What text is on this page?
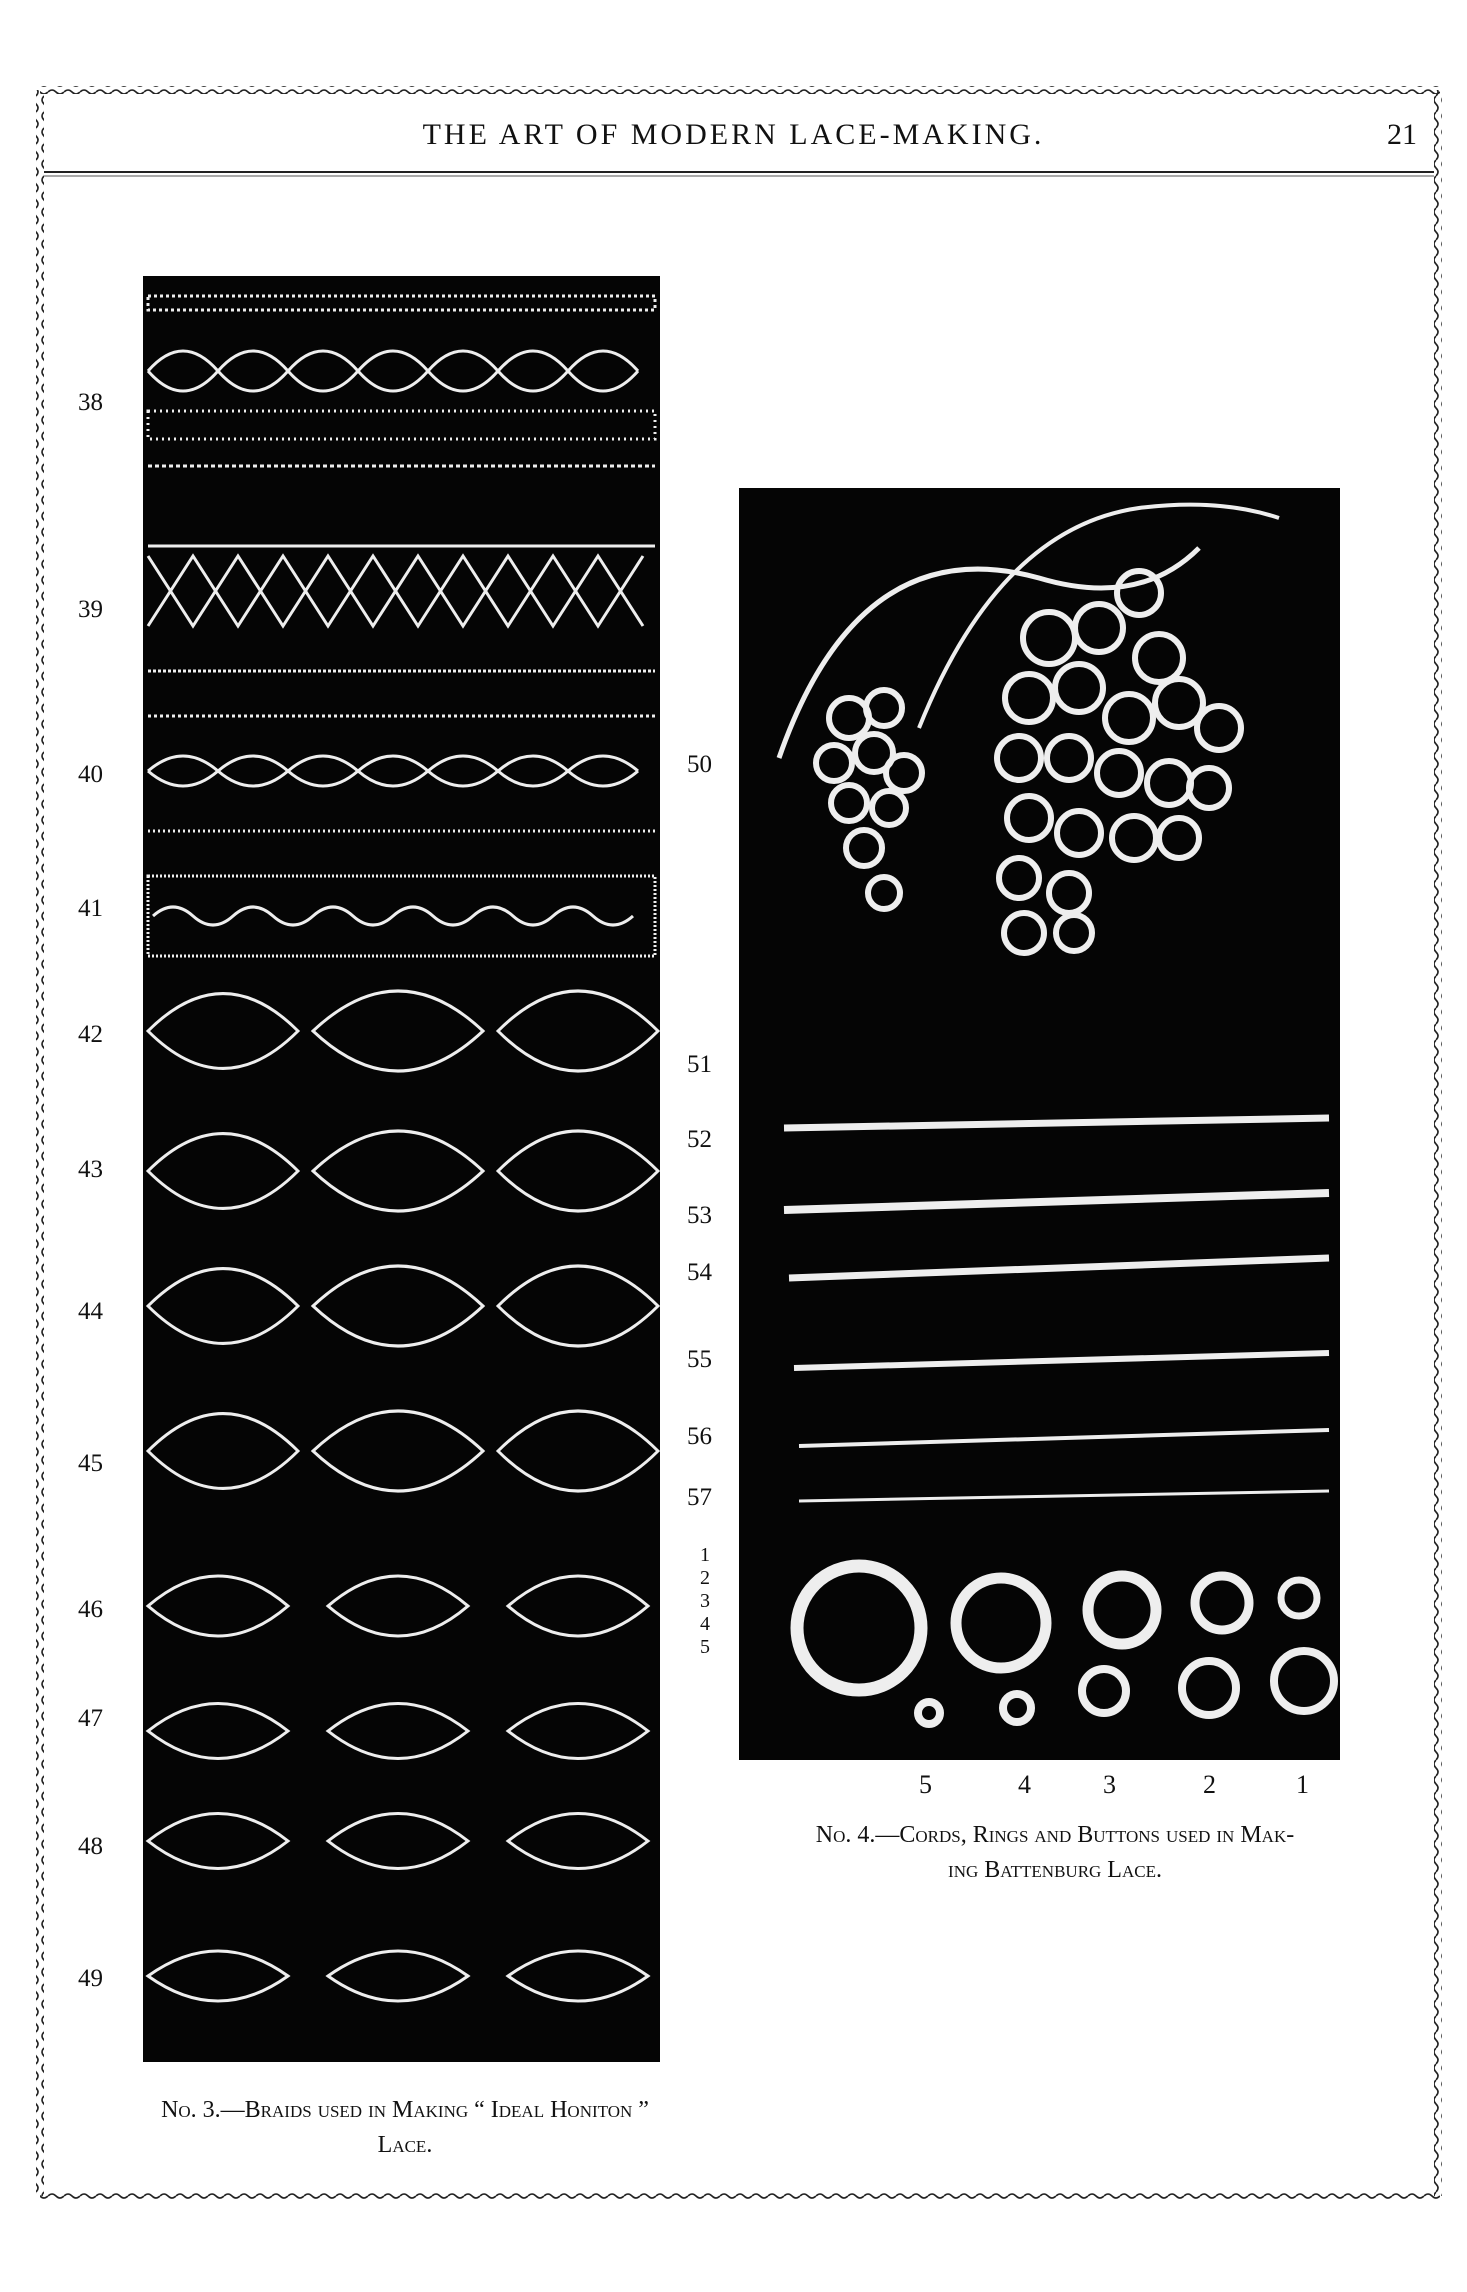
THE ART OF MODERN LACE-MAKING.	21
38
39
40
41
42
43
44
45
46
47
48
49
No. 3.—Braids used in Making “ Ideal Honiton ”
Lace.
50
51
52
53
54
55
56
57
1
2
3
4
5
5	4	3	2	1
No. 4.—Cords, Rings and Buttons used in Mak-
ing Battenburg Lace.
